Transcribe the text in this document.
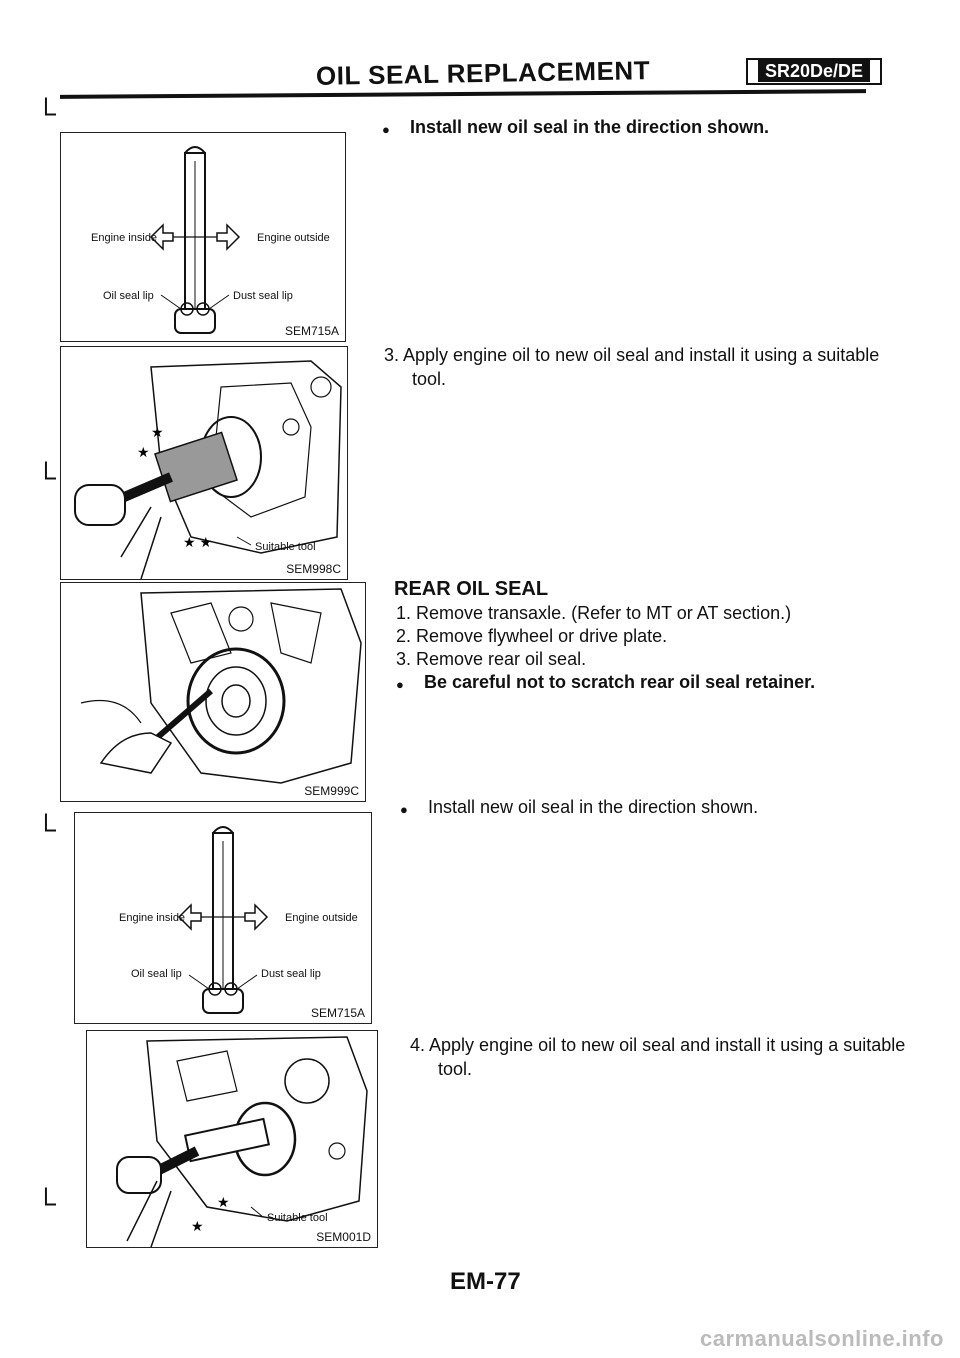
OIL SEAL REPLACEMENT	SR20De/DE
└
└
└
└
Engine inside	Engine outside
Oil seal lip	Dust seal lip
SEM715A
★
★
★ ★	Suitable tool
SEM998C
SEM999C
Engine inside	Engine outside
Oil seal lip	Dust seal lip
SEM715A
★
★	Suitable tool
SEM001D
● Install new oil seal in the direction shown.
3. Apply engine oil to new oil seal and install it using a suitable
tool.
REAR OIL SEAL
1. Remove transaxle. (Refer to MT or AT section.)
2. Remove flywheel or drive plate.
3. Remove rear oil seal.
● Be careful not to scratch rear oil seal retainer.
● Install new oil seal in the direction shown.
4. Apply engine oil to new oil seal and install it using a suitable
tool.
EM-77
carmanualsonline.info
